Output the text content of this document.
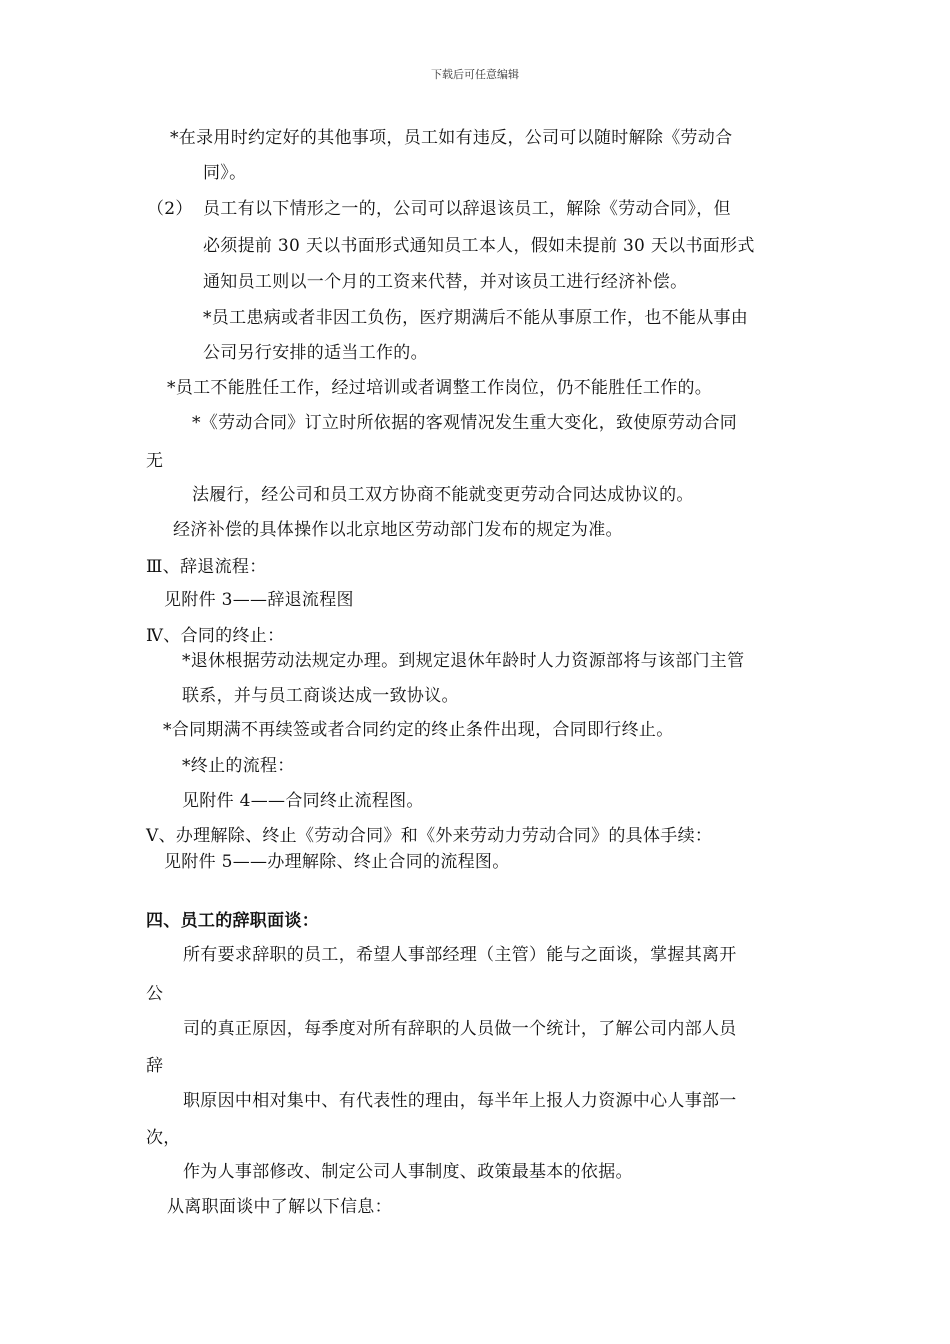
下载后可任意编辑
*在录用时约定好的其他事项，员工如有违反，公司可以随时解除《劳动合
同》。
（2） 员工有以下情形之一的，公司可以辞退该员工，解除《劳动合同》，但
必须提前 30 天以书面形式通知员工本人，假如未提前 30 天以书面形式
通知员工则以一个月的工资来代替，并对该员工进行经济补偿。
*员工患病或者非因工负伤，医疗期满后不能从事原工作，也不能从事由
公司另行安排的适当工作的。
*员工不能胜任工作，经过培训或者调整工作岗位，仍不能胜任工作的。
*《劳动合同》订立时所依据的客观情况发生重大变化，致使原劳动合同
无
法履行，经公司和员工双方协商不能就变更劳动合同达成协议的。
经济补偿的具体操作以北京地区劳动部门发布的规定为准。
Ⅲ、辞退流程：
见附件 3——辞退流程图
Ⅳ、合同的终止：
*退休根据劳动法规定办理。到规定退休年龄时人力资源部将与该部门主管
联系，并与员工商谈达成一致协议。
*合同期满不再续签或者合同约定的终止条件出现，合同即行终止。
*终止的流程：
见附件 4——合同终止流程图。
Ⅴ、办理解除、终止《劳动合同》和《外来劳动力劳动合同》的具体手续：
见附件 5——办理解除、终止合同的流程图。
四、员工的辞职面谈：
所有要求辞职的员工，希望人事部经理（主管）能与之面谈，掌握其离开
公
司的真正原因，每季度对所有辞职的人员做一个统计，了解公司内部人员
辞
职原因中相对集中、有代表性的理由，每半年上报人力资源中心人事部一
次，
作为人事部修改、制定公司人事制度、政策最基本的依据。
从离职面谈中了解以下信息：
